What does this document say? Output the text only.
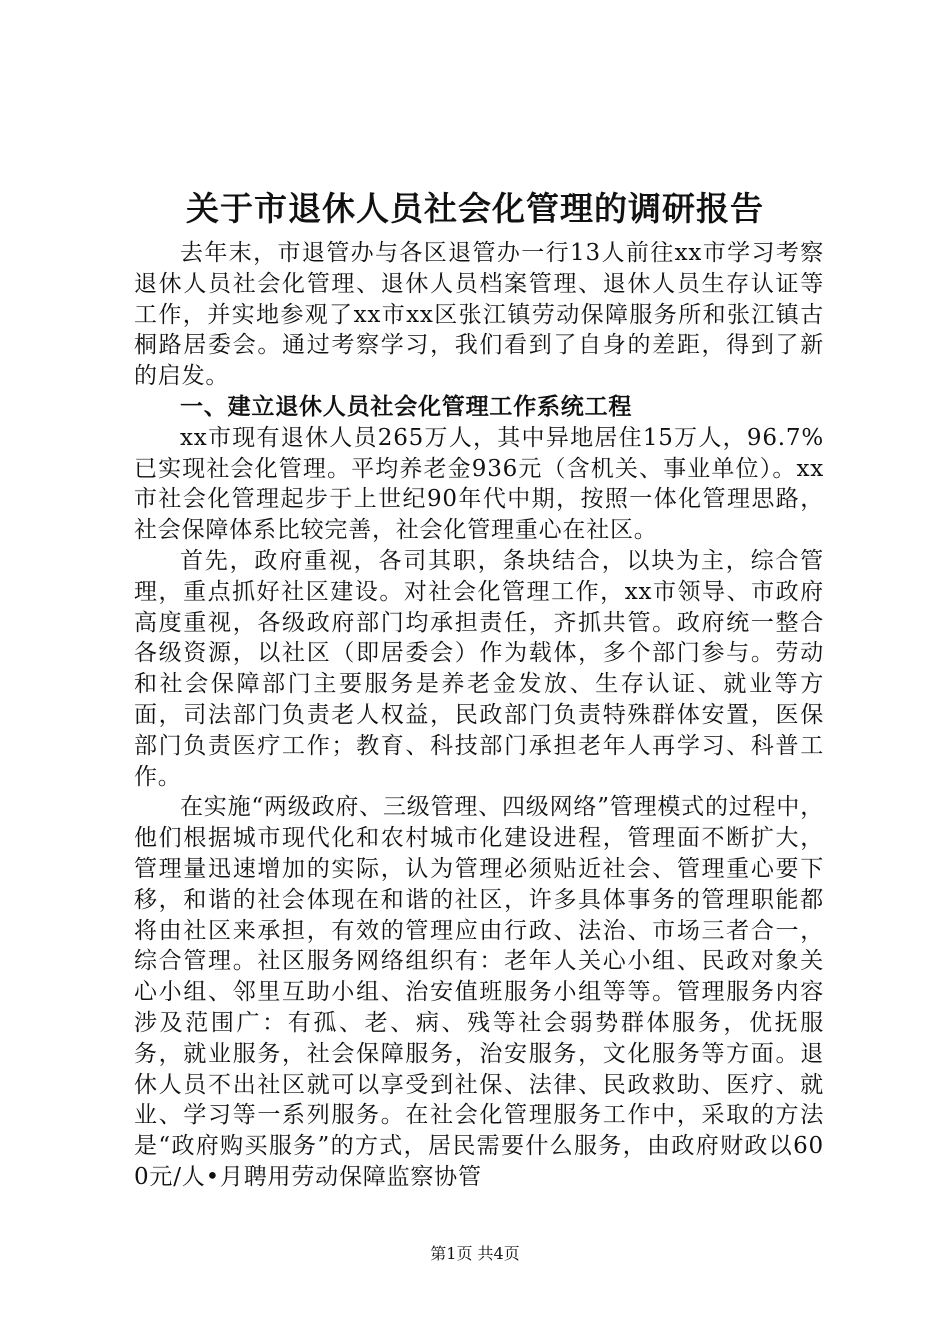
关于市退休人员社会化管理的调研报告

去年末，市退管办与各区退管办一行13人前往xx市学习考察退休人员社会化管理、退休人员档案管理、退休人员生存认证等工作，并实地参观了xx市xx区张江镇劳动保障服务所和张江镇古桐路居委会。通过考察学习，我们看到了自身的差距，得到了新的启发。

一、建立退休人员社会化管理工作系统工程

xx市现有退休人员265万人，其中异地居住15万人，96.7%已实现社会化管理。平均养老金936元（含机关、事业单位）。xx市社会化管理起步于上世纪90年代中期，按照一体化管理思路，社会保障体系比较完善，社会化管理重心在社区。

首先，政府重视，各司其职，条块结合，以块为主，综合管理，重点抓好社区建设。对社会化管理工作，xx市领导、市政府高度重视，各级政府部门均承担责任，齐抓共管。政府统一整合各级资源，以社区（即居委会）作为载体，多个部门参与。劳动和社会保障部门主要服务是养老金发放、生存认证、就业等方面，司法部门负责老人权益，民政部门负责特殊群体安置，医保部门负责医疗工作；教育、科技部门承担老年人再学习、科普工作。

在实施“两级政府、三级管理、四级网络”管理模式的过程中，他们根据城市现代化和农村城市化建设进程，管理面不断扩大，管理量迅速增加的实际，认为管理必须贴近社会、管理重心要下移，和谐的社会体现在和谐的社区，许多具体事务的管理职能都将由社区来承担，有效的管理应由行政、法治、市场三者合一，综合管理。社区服务网络组织有：老年人关心小组、民政对象关心小组、邻里互助小组、治安值班服务小组等等。管理服务内容涉及范围广：有孤、老、病、残等社会弱势群体服务，优抚服务，就业服务，社会保障服务，治安服务，文化服务等方面。退休人员不出社区就可以享受到社保、法律、民政救助、医疗、就业、学习等一系列服务。在社会化管理服务工作中，采取的方法是“政府购买服务”的方式，居民需要什么服务，由政府财政以600元/人•月聘用劳动保障监察协管

第1页 共4页
